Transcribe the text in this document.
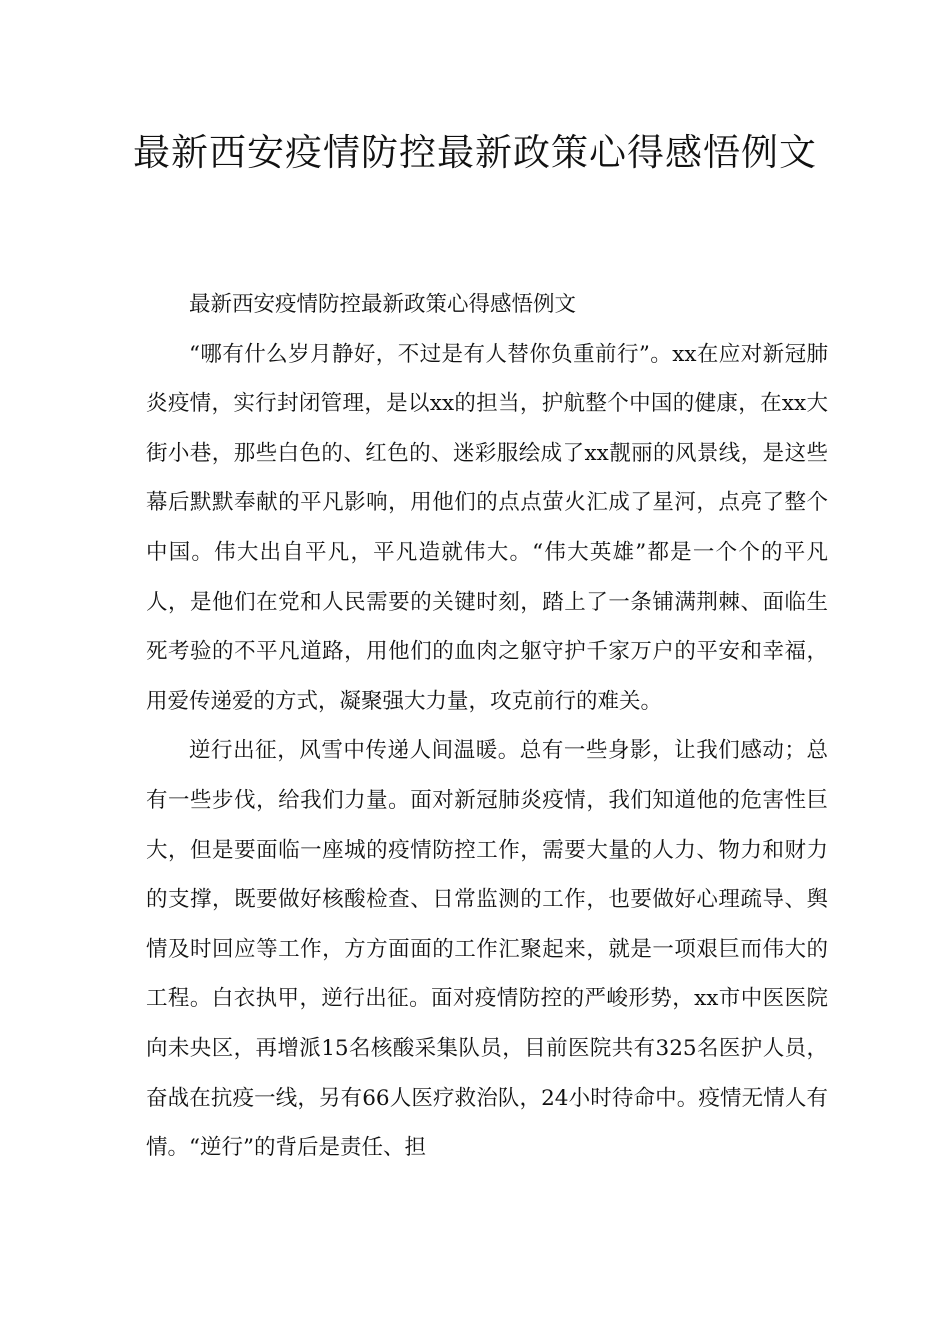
最新西安疫情防控最新政策心得感悟例文

最新西安疫情防控最新政策心得感悟例文

“哪有什么岁月静好，不过是有人替你负重前行”。xx在应对新冠肺炎疫情，实行封闭管理，是以xx的担当，护航整个中国的健康，在xx大街小巷，那些白色的、红色的、迷彩服绘成了xx靓丽的风景线，是这些幕后默默奉献的平凡影响，用他们的点点萤火汇成了星河，点亮了整个中国。伟大出自平凡，平凡造就伟大。“伟大英雄”都是一个个的平凡人，是他们在党和人民需要的关键时刻，踏上了一条铺满荆棘、面临生死考验的不平凡道路，用他们的血肉之躯守护千家万户的平安和幸福，用爱传递爱的方式，凝聚强大力量，攻克前行的难关。

逆行出征，风雪中传递人间温暖。总有一些身影，让我们感动；总有一些步伐，给我们力量。面对新冠肺炎疫情，我们知道他的危害性巨大，但是要面临一座城的疫情防控工作，需要大量的人力、物力和财力的支撑，既要做好核酸检查、日常监测的工作，也要做好心理疏导、舆情及时回应等工作，方方面面的工作汇聚起来，就是一项艰巨而伟大的工程。白衣执甲，逆行出征。面对疫情防控的严峻形势，xx市中医医院向未央区，再增派15名核酸采集队员，目前医院共有325名医护人员，奋战在抗疫一线，另有66人医疗救治队，24小时待命中。疫情无情人有情。“逆行”的背后是责任、担
